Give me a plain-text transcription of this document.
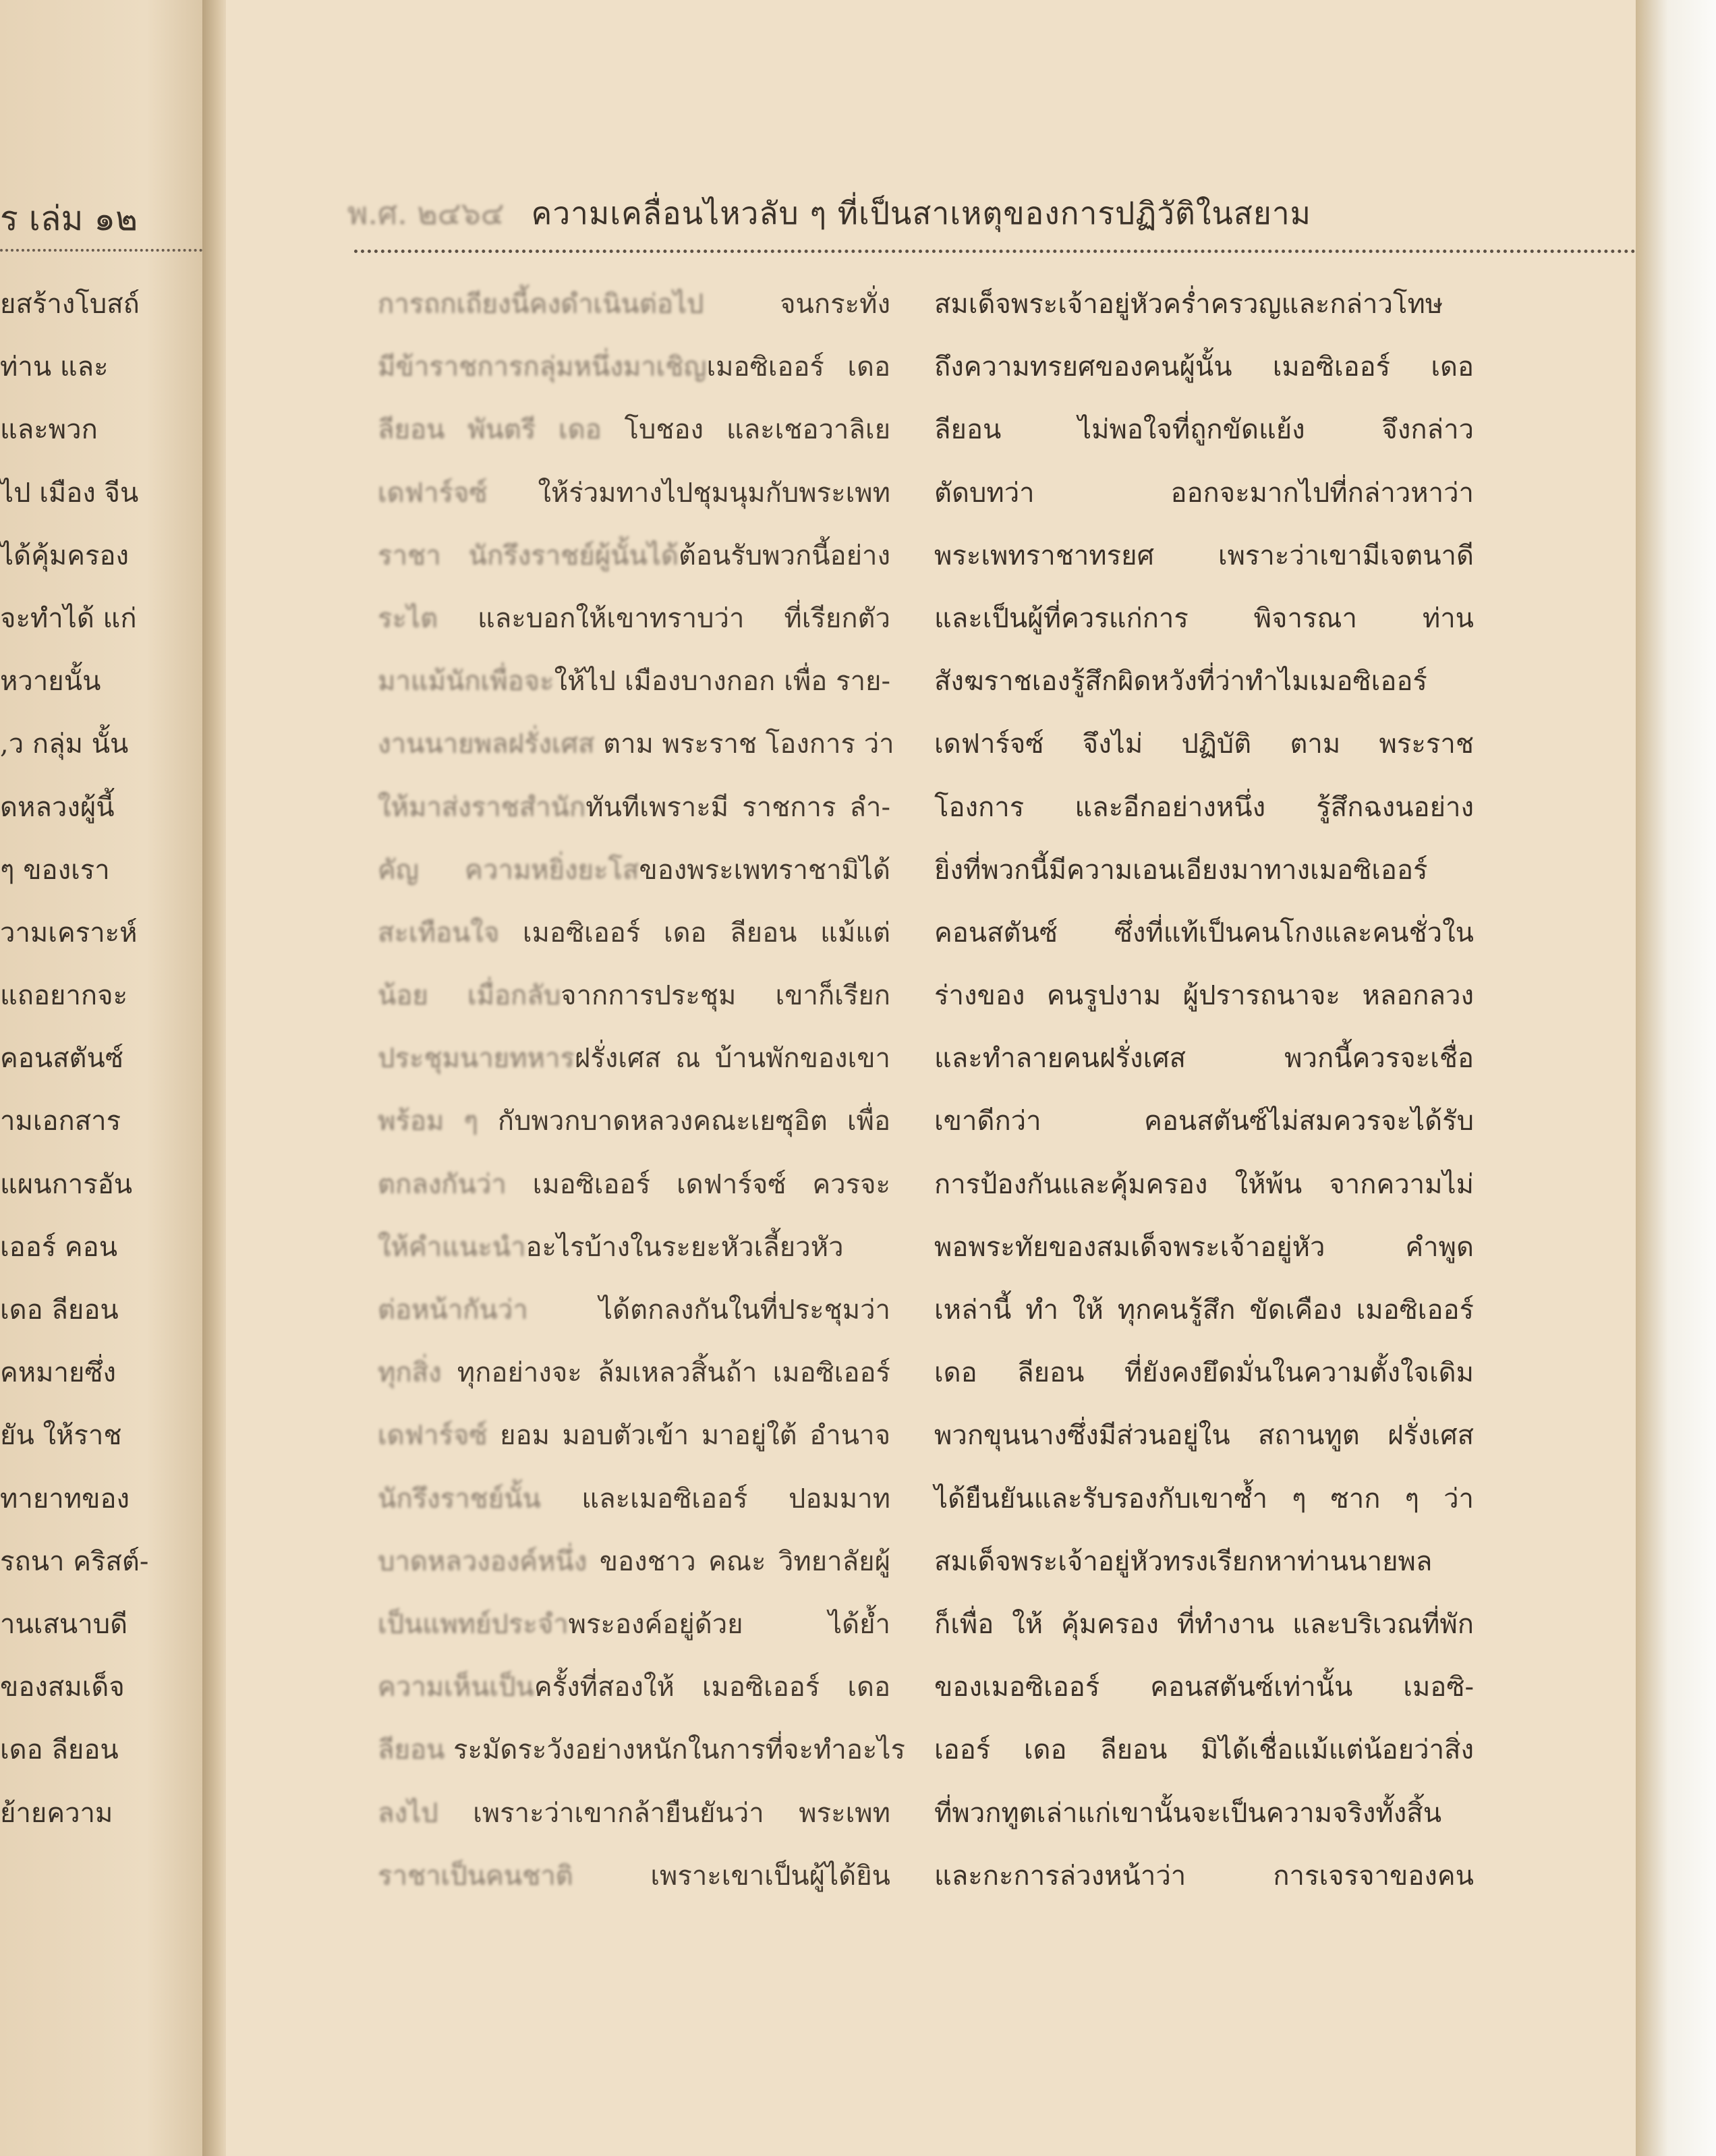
ร เล่ม ๑๒
ยสร้างโบสถ์
ท่าน และ
และพวก
ไป เมือง จีน
ได้คุ้มครอง
จะทำได้ แก่
หวายนั้น
,ว กลุ่ม นั้น
ดหลวงผู้นี้
ๆ ของเรา
วามเคราะห์
แถอยากจะ
คอนสตันซ์
ามเอกสาร
แผนการอัน
เออร์ คอน
เดอ ลียอน
คหมายซึ่ง
ยัน ให้ราช
ทายาทของ
รถนา คริสต์-
านเสนาบดี
ของสมเด็จ
เดอ ลียอน
ย้ายความ
พ.ศ. ๒๔๖๔ ความเคลื่อนไหวลับ ๆ ที่เป็นสาเหตุของการปฏิวัติในสยาม
การถกเถียงนี้คงดำเนินต่อไป จนกระทั่ง
มีข้าราชการกลุ่มหนึ่งมาเชิญเมอซิเออร์ เดอ
ลียอน พันตรี เดอ โบชอง และเชอวาลิเย
เดฟาร์จซ์ ให้ร่วมทางไปชุมนุมกับพระเพท
ราชา นักรึงราชย์ผู้นั้นได้ต้อนรับพวกนี้อย่าง
ระไต และบอกให้เขาทราบว่า ที่เรียกตัว
มาแม้นักเพื่อจะให้ไป เมืองบางกอก เพื่อ ราย-
งานนายพลฝรั่งเศส ตาม พระราช โองการ ว่า
ให้มาส่งราชสำนักทันทีเพราะมี ราชการ ลำ-
คัญ ความหยิ่งยะโสของพระเพทราชามิได้
สะเทือนใจ เมอซิเออร์ เดอ ลียอน แม้แต่
น้อย เมื่อกลับจากการประชุม เขาก็เรียก
ประชุมนายทหารฝรั่งเศส ณ บ้านพักของเขา
พร้อม ๆ กับพวกบาดหลวงคณะเยซุอิต เพื่อ
ตกลงกันว่า เมอซิเออร์ เดฟาร์จซ์ ควรจะ
ให้คำแนะนำอะไรบ้างในระยะหัวเลี้ยวหัว
ต่อหน้ากันว่า ได้ตกลงกันในที่ประชุมว่า
ทุกสิ่ง ทุกอย่างจะ ล้มเหลวสิ้นถ้า เมอซิเออร์
เดฟาร์จซ์ ยอม มอบตัวเข้า มาอยู่ใต้ อำนาจ
นักรึงราชย์นั้น และเมอซิเออร์ ปอมมาท
บาดหลวงองค์หนึ่ง ของชาว คณะ วิทยาลัยผู้
เป็นแพทย์ประจำพระองค์อยู่ด้วย ได้ย้ำ
ความเห็นเป็นครั้งที่สองให้ เมอซิเออร์ เดอ
ลียอน ระมัดระวังอย่างหนักในการที่จะทำอะไร
ลงไป เพราะว่าเขากล้ายืนยันว่า พระเพท
ราชาเป็นคนชาติ เพราะเขาเป็นผู้ได้ยิน
สมเด็จพระเจ้าอยู่หัวคร่ำครวญและกล่าวโทษ
ถึงความทรยศของคนผู้นั้น เมอซิเออร์ เดอ
ลียอน ไม่พอใจที่ถูกขัดแย้ง จึงกล่าว
ตัดบทว่า ออกจะมากไปที่กล่าวหาว่า
พระเพทราชาทรยศ เพราะว่าเขามีเจตนาดี
และเป็นผู้ที่ควรแก่การ พิจารณา ท่าน
สังฆราชเองรู้สึกผิดหวังที่ว่าทำไมเมอซิเออร์
เดฟาร์จซ์ จึงไม่ ปฏิบัติ ตาม พระราช
โองการ และอีกอย่างหนึ่ง รู้สึกฉงนอย่าง
ยิ่งที่พวกนี้มีความเอนเอียงมาทางเมอซิเออร์
คอนสตันซ์ ซึ่งที่แท้เป็นคนโกงและคนชั่วใน
ร่างของ คนรูปงาม ผู้ปรารถนาจะ หลอกลวง
และทำลายคนฝรั่งเศส พวกนี้ควรจะเชื่อ
เขาดีกว่า คอนสตันซ์ไม่สมควรจะได้รับ
การป้องกันและคุ้มครอง ให้พ้น จากความไม่
พอพระทัยของสมเด็จพระเจ้าอยู่หัว คำพูด
เหล่านี้ ทำ ให้ ทุกคนรู้สึก ขัดเคือง เมอซิเออร์
เดอ ลียอน ที่ยังคงยึดมั่นในความตั้งใจเดิม
พวกขุนนางซึ่งมีส่วนอยู่ใน สถานทูต ฝรั่งเศส
ได้ยืนยันและรับรองกับเขาซ้ำ ๆ ซาก ๆ ว่า
สมเด็จพระเจ้าอยู่หัวทรงเรียกหาท่านนายพล
ก็เพื่อ ให้ คุ้มครอง ที่ทำงาน และบริเวณที่พัก
ของเมอซิเออร์ คอนสตันซ์เท่านั้น เมอซิ-
เออร์ เดอ ลียอน มิได้เชื่อแม้แต่น้อยว่าสิ่ง
ที่พวกทูตเล่าแก่เขานั้นจะเป็นความจริงทั้งสิ้น
และกะการล่วงหน้าว่า การเจรจาของคน
